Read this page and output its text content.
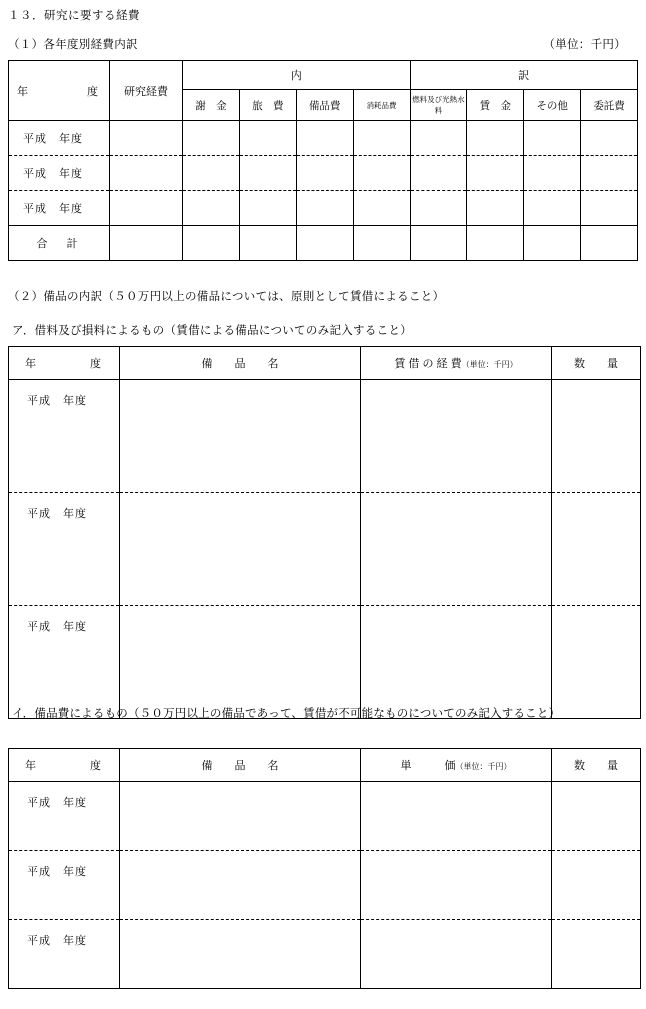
１３．研究に要する経費
（１）各年度別経費内訳	（単位：千円）
年　　　　度	研究経費	内				訳			
		謝　金	旅　費	備品費	消耗品費	燃料及び光熱水料	賃　金	その他	委託費
平成　年度									
平成　年度									
平成　年度									
合　計									
（２）備品の内訳（５０万円以上の備品については、原則として賃借によること）
ア．借料及び損料によるもの（賃借による備品についてのみ記入すること）
年　　　　度	備　　品　　名	賃 借 の 経 費（単位：千円）	数　　量
平成　年度			
平成　年度			
平成　年度			
イ．備品費によるもの（５０万円以上の備品であって、賃借が不可能なものについてのみ記入すること）
年　　　　度	備　　品　　名	単　　　価（単位：千円）	数　　量
平成　年度			
平成　年度			
平成　年度			
